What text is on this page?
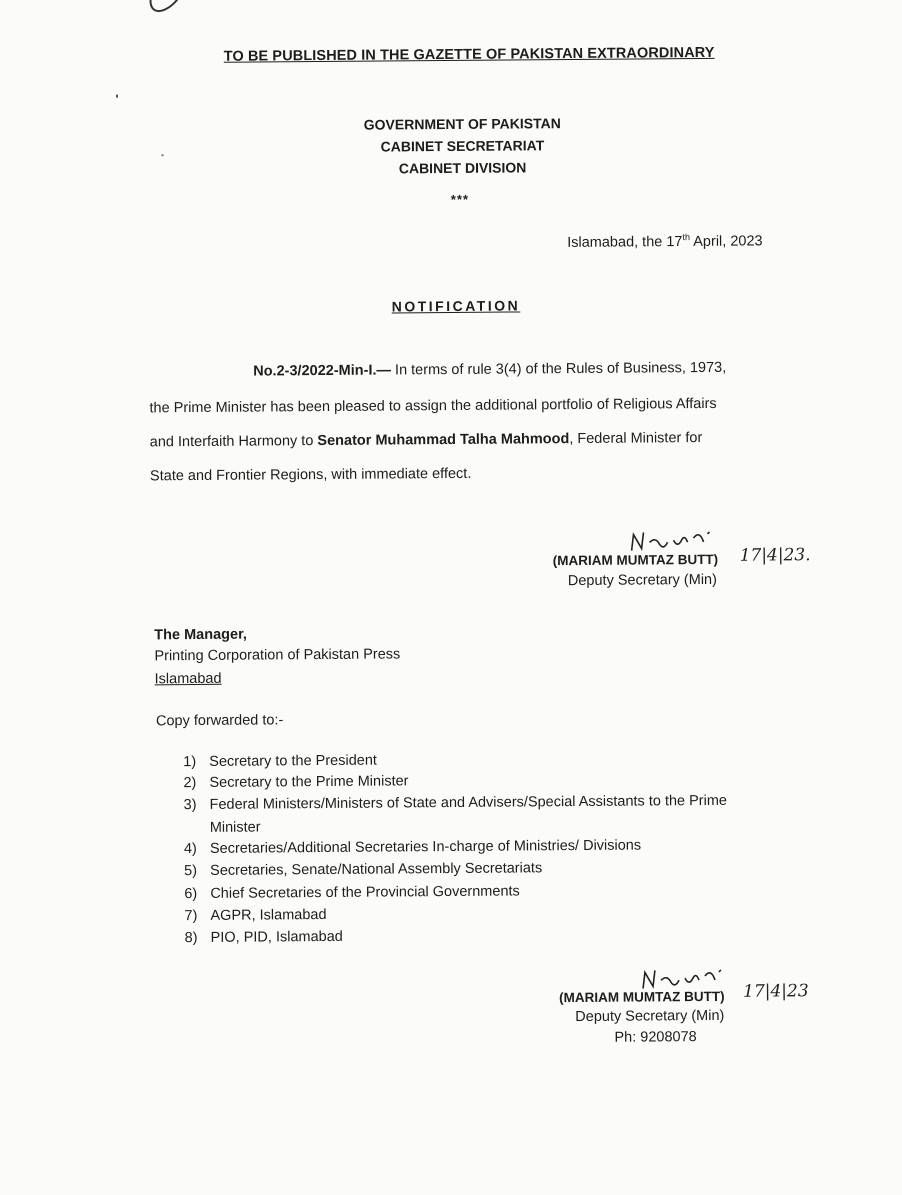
TO BE PUBLISHED IN THE GAZETTE OF PAKISTAN EXTRAORDINARY
GOVERNMENT OF PAKISTAN
CABINET SECRETARIAT
CABINET DIVISION
***
Islamabad, the 17th April, 2023
NOTIFICATION
No.2-3/2022-Min-I.— In terms of rule 3(4) of the Rules of Business, 1973,
the Prime Minister has been pleased to assign the additional portfolio of Religious Affairs
and Interfaith Harmony to Senator Muhammad Talha Mahmood, Federal Minister for
State and Frontier Regions, with immediate effect.
(MARIAM MUMTAZ BUTT) 17|4|23.
Deputy Secretary (Min)
The Manager,
Printing Corporation of Pakistan Press
Islamabad
Copy forwarded to:-
1) Secretary to the President
2) Secretary to the Prime Minister
3) Federal Ministers/Ministers of State and Advisers/Special Assistants to the Prime
Minister
4) Secretaries/Additional Secretaries In-charge of Ministries/ Divisions
5) Secretaries, Senate/National Assembly Secretariats
6) Chief Secretaries of the Provincial Governments
7) AGPR, Islamabad
8) PIO, PID, Islamabad
(MARIAM MUMTAZ BUTT) 17|4|23
Deputy Secretary (Min)
Ph: 9208078
